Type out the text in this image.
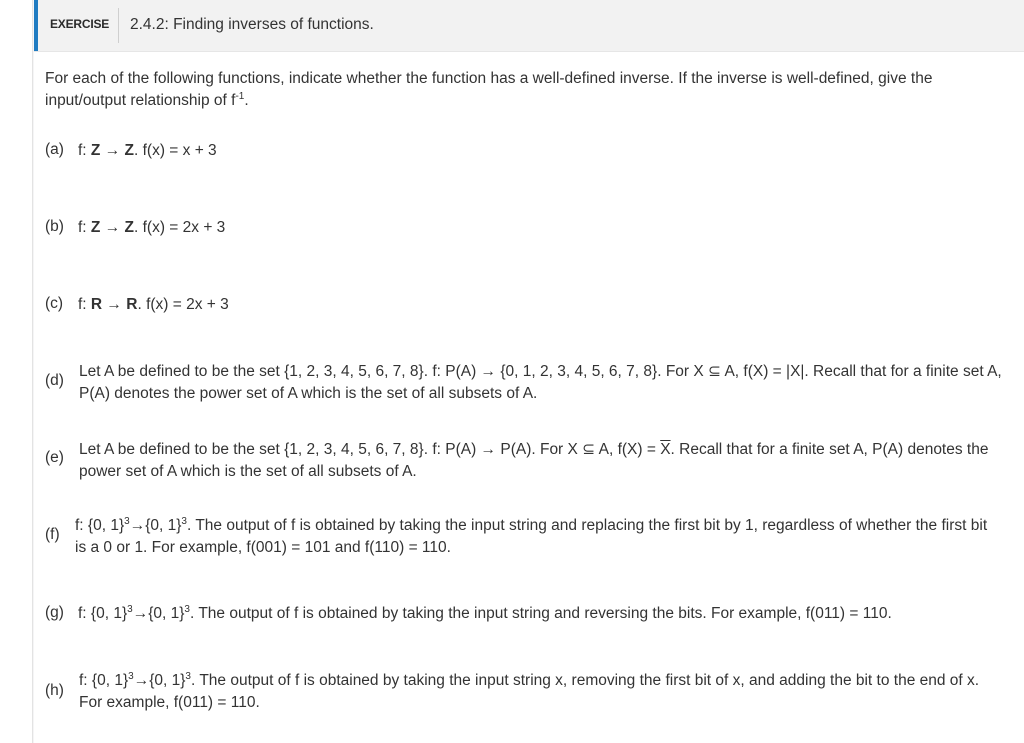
EXERCISE 2.4.2: Finding inverses of functions.
For each of the following functions, indicate whether the function has a well-defined inverse. If the inverse is well-defined, give the
input/output relationship of $f^{-1}$.
(a) f: Z → Z. f(x) = x + 3
(b) f: Z → Z. f(x) = 2x + 3
(c) f: R → R. f(x) = 2x + 3
(d)
Let A be defined to be the set {1, 2, 3, 4, 5, 6, 7, 8}. f: P(A) → {0, 1, 2, 3, 4, 5, 6, 7, 8}. For X ⊆ A, f(X) = |X|. Recall that for a finite set A,
P(A) denotes the power set of A which is the set of all subsets of A.
(e) Let A be defined to be the set {1, 2, 3, 4, 5, 6, 7, 8}. f: P(A) → P(A). For X ⊆ A, $f(X) = \overline{X}$. Recall that for a finite set A, P(A) denotes the
power set of A which is the set of all subsets of A.
(f)
f: {0, 1}$^3$→{0, 1}$^3$. The output of f is obtained by taking the input string and replacing the first bit by 1, regardless of whether the first bit
is a 0 or 1. For example, f(001) = 101 and f(110) = 110.
(g) f: {0, 1}$^3$→{0, 1}$^3$. The output of f is obtained by taking the input string and reversing the bits. For example, f(011) = 110.
(h)
f: {0, 1}$^3$→{0, 1}$^3$. The output of f is obtained by taking the input string x, removing the first bit of x, and adding the bit to the end of x.
For example, f(011) = 110.
